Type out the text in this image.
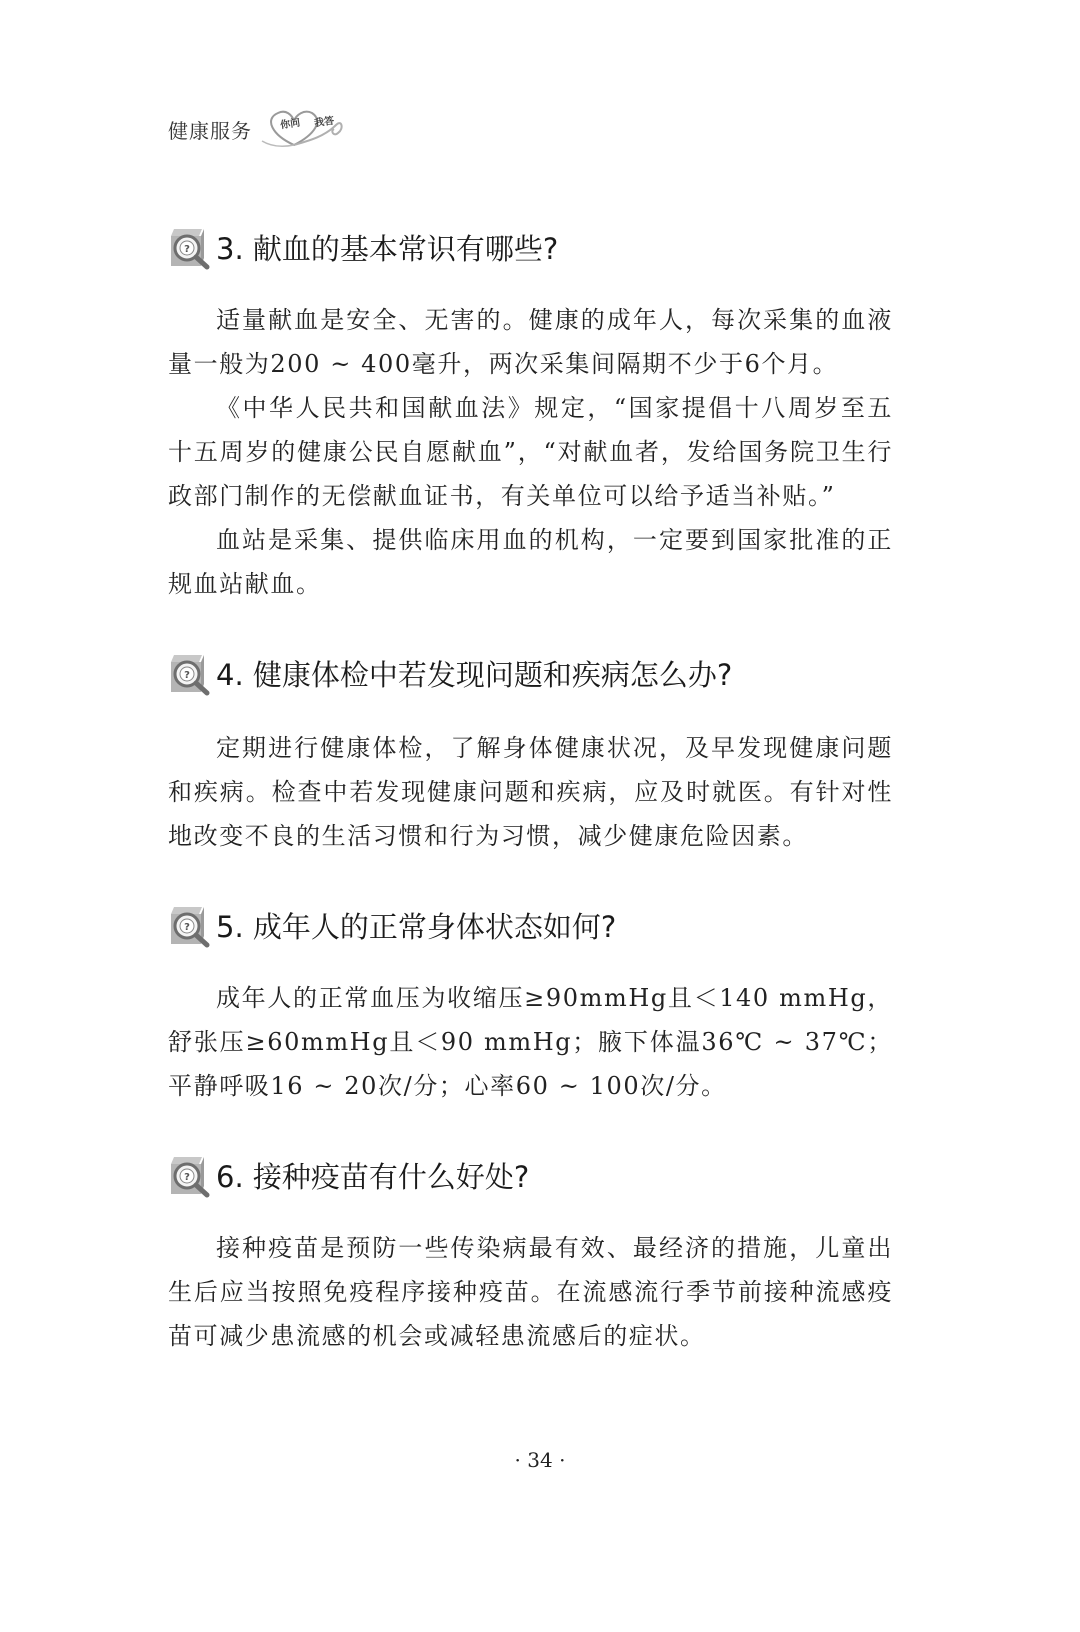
健康服务	你问 我答
3. 献血的基本常识有哪些?

适量献血是安全、无害的。健康的成年人，每次采集的血液量一般为200 ~ 400毫升，两次采集间隔期不少于6个月。

《中华人民共和国献血法》规定，“国家提倡十八周岁至五十五周岁的健康公民自愿献血”，“对献血者，发给国务院卫生行政部门制作的无偿献血证书，有关单位可以给予适当补贴。”

血站是采集、提供临床用血的机构，一定要到国家批准的正规血站献血。

4. 健康体检中若发现问题和疾病怎么办?

定期进行健康体检，了解身体健康状况，及早发现健康问题和疾病。检查中若发现健康问题和疾病，应及时就医。有针对性地改变不良的生活习惯和行为习惯，减少健康危险因素。

5. 成年人的正常身体状态如何?

成年人的正常血压为收缩压≥90mmHg且＜140 mmHg，舒张压≥60mmHg且＜90 mmHg；腋下体温36℃ ~ 37℃；平静呼吸16 ~ 20次/分；心率60 ~ 100次/分。

6. 接种疫苗有什么好处?

接种疫苗是预防一些传染病最有效、最经济的措施，儿童出生后应当按照免疫程序接种疫苗。在流感流行季节前接种流感疫苗可减少患流感的机会或减轻患流感后的症状。

· 34 ·
